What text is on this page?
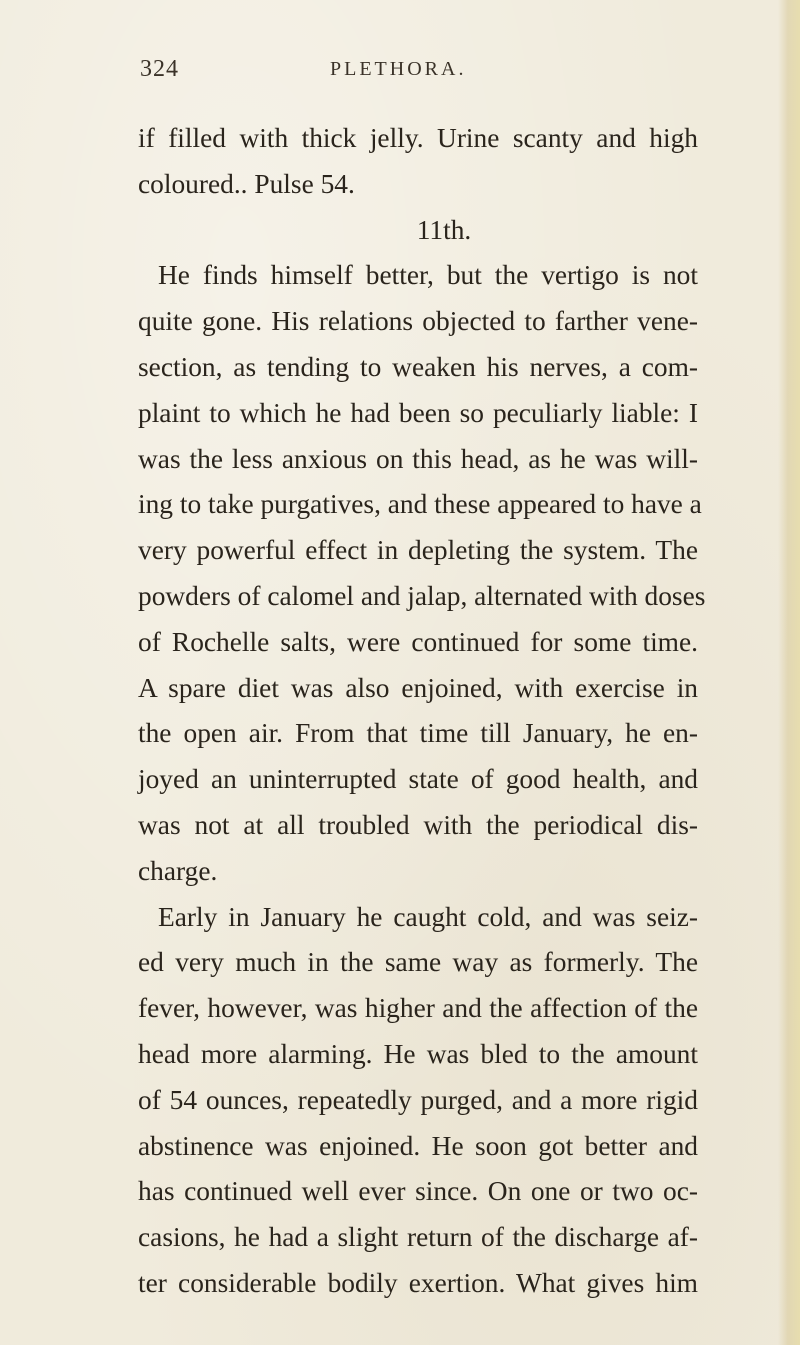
324	PLETHORA.
if filled with thick jelly. Urine scanty and high
coloured.. Pulse 54.
11th.
He finds himself better, but the vertigo is not
quite gone. His relations objected to farther vene-
section, as tending to weaken his nerves, a com-
plaint to which he had been so peculiarly liable: I
was the less anxious on this head, as he was will-
ing to take purgatives, and these appeared to have a
very powerful effect in depleting the system. The
powders of calomel and jalap, alternated with doses
of Rochelle salts, were continued for some time.
A spare diet was also enjoined, with exercise in
the open air. From that time till January, he en-
joyed an uninterrupted state of good health, and
was not at all troubled with the periodical dis-
charge.
Early in January he caught cold, and was seiz-
ed very much in the same way as formerly. The
fever, however, was higher and the affection of the
head more alarming. He was bled to the amount
of 54 ounces, repeatedly purged, and a more rigid
abstinence was enjoined. He soon got better and
has continued well ever since. On one or two oc-
casions, he had a slight return of the discharge af-
ter considerable bodily exertion. What gives him
